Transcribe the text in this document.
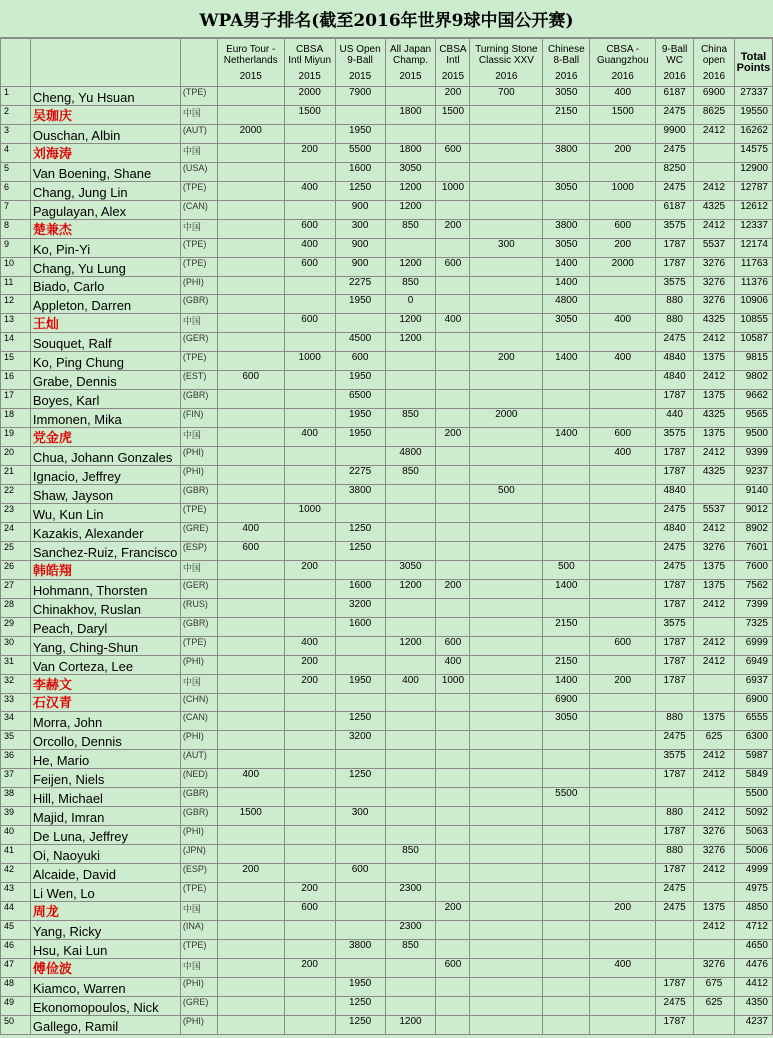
WPA男子排名(截至2016年世界9球中国公开赛)

			Euro Tour -
Netherlands
2015	CBSA
Intl Miyun
2015	US Open
9-Ball
2015	All Japan
Champ.
2015	CBSA
Intl
2015	Turning Stone
Classic XXV
2016	Chinese
8-Ball
2016	CBSA -
Guangzhou
2016	9-Ball
WC
2016	China
open
2016	Total
Points

1	Cheng, Yu Hsuan	(TPE)		2000	7900		200	700	3050	400	6187	6900	27337
2	吴珈庆	中国		1500		1800	1500		2150	1500	2475	8625	19550
3	Ouschan, Albin	(AUT)	2000		1950						9900	2412	16262
4	刘海涛	中国		200	5500	1800	600		3800	200	2475		14575
5	Van Boening, Shane	(USA)			1600	3050					8250		12900
6	Chang, Jung Lin	(TPE)		400	1250	1200	1000		3050	1000	2475	2412	12787
7	Pagulayan, Alex	(CAN)			900	1200					6187	4325	12612
8	楚兼杰	中国		600	300	850	200		3800	600	3575	2412	12337
9	Ko, Pin-Yi	(TPE)		400	900			300	3050	200	1787	5537	12174
10	Chang, Yu Lung	(TPE)		600	900	1200	600		1400	2000	1787	3276	11763
11	Biado, Carlo	(PHI)			2275	850			1400		3575	3276	11376
12	Appleton, Darren	(GBR)			1950	0			4800		880	3276	10906
13	王灿	中国		600		1200	400		3050	400	880	4325	10855
14	Souquet, Ralf	(GER)			4500	1200					2475	2412	10587
15	Ko, Ping Chung	(TPE)		1000	600			200	1400	400	4840	1375	9815
16	Grabe, Dennis	(EST)	600		1950						4840	2412	9802
17	Boyes, Karl	(GBR)			6500						1787	1375	9662
18	Immonen, Mika	(FIN)			1950	850		2000			440	4325	9565
19	党金虎	中国		400	1950		200		1400	600	3575	1375	9500
20	Chua, Johann Gonzales	(PHI)				4800				400	1787	2412	9399
21	Ignacio, Jeffrey	(PHI)			2275	850					1787	4325	9237
22	Shaw, Jayson	(GBR)			3800			500			4840		9140
23	Wu, Kun Lin	(TPE)		1000							2475	5537	9012
24	Kazakis, Alexander	(GRE)	400		1250						4840	2412	8902
25	Sanchez-Ruiz, Francisco	(ESP)	600		1250						2475	3276	7601
26	韩皓翔	中国		200		3050			500		2475	1375	7600
27	Hohmann, Thorsten	(GER)			1600	1200	200		1400		1787	1375	7562
28	Chinakhov, Ruslan	(RUS)			3200						1787	2412	7399
29	Peach, Daryl	(GBR)			1600				2150		3575		7325
30	Yang, Ching-Shun	(TPE)		400		1200	600			600	1787	2412	6999
31	Van Corteza, Lee	(PHI)		200			400		2150		1787	2412	6949
32	李赫文	中国		200	1950	400	1000		1400	200	1787		6937
33	石汉青	(CHN)							6900				6900
34	Morra, John	(CAN)			1250				3050		880	1375	6555
35	Orcollo, Dennis	(PHI)			3200						2475	625	6300
36	He, Mario	(AUT)									3575	2412	5987
37	Feijen, Niels	(NED)	400		1250						1787	2412	5849
38	Hill, Michael	(GBR)							5500				5500
39	Majid, Imran	(GBR)	1500		300						880	2412	5092
40	De Luna, Jeffrey	(PHI)									1787	3276	5063
41	Oi, Naoyuki	(JPN)				850					880	3276	5006
42	Alcaide, David	(ESP)	200		600						1787	2412	4999
43	Li Wen, Lo	(TPE)		200		2300					2475		4975
44	周龙	中国		600			200			200	2475	1375	4850
45	Yang, Ricky	(INA)				2300						2412	4712
46	Hsu, Kai Lun	(TPE)			3800	850							4650
47	傅俭波	中国		200			600			400		3276	4476
48	Kiamco, Warren	(PHI)			1950						1787	675	4412
49	Ekonomopoulos, Nick	(GRE)			1250						2475	625	4350
50	Gallego, Ramil	(PHI)			1250	1200					1787		4237
